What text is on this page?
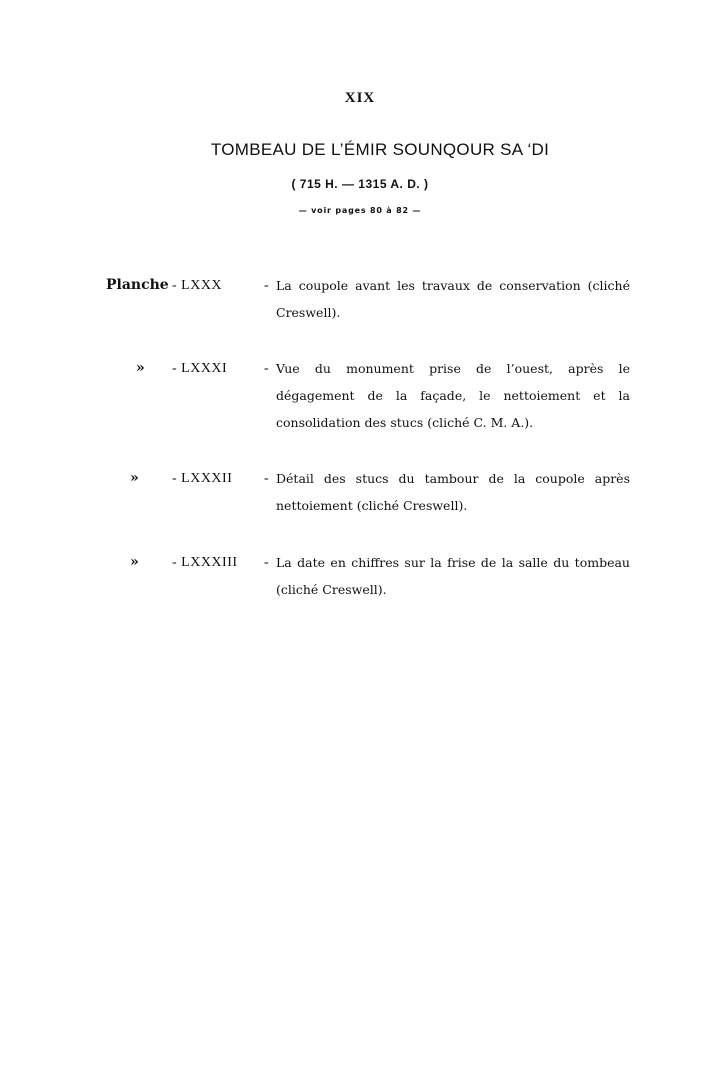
XIX
TOMBEAU DE L’ÉMIR SOUNQOUR SA ‘DI
( 715 H. — 1315 A. D. )
— voir pages 80 à 82 —
Planche - LXXX	- La coupole avant les travaux de conservation (cliché Creswell).
» - LXXXI	- Vue du monument prise de l’ouest, après le dégagement de la façade, le nettoiement et la consolidation des stucs (cliché C. M. A.).
» - LXXXII - Détail des stucs du tambour de la coupole après nettoiement (cliché Creswell).
» - LXXXIII - La date en chiffres sur la frise de la salle du tombeau (cliché Creswell).
